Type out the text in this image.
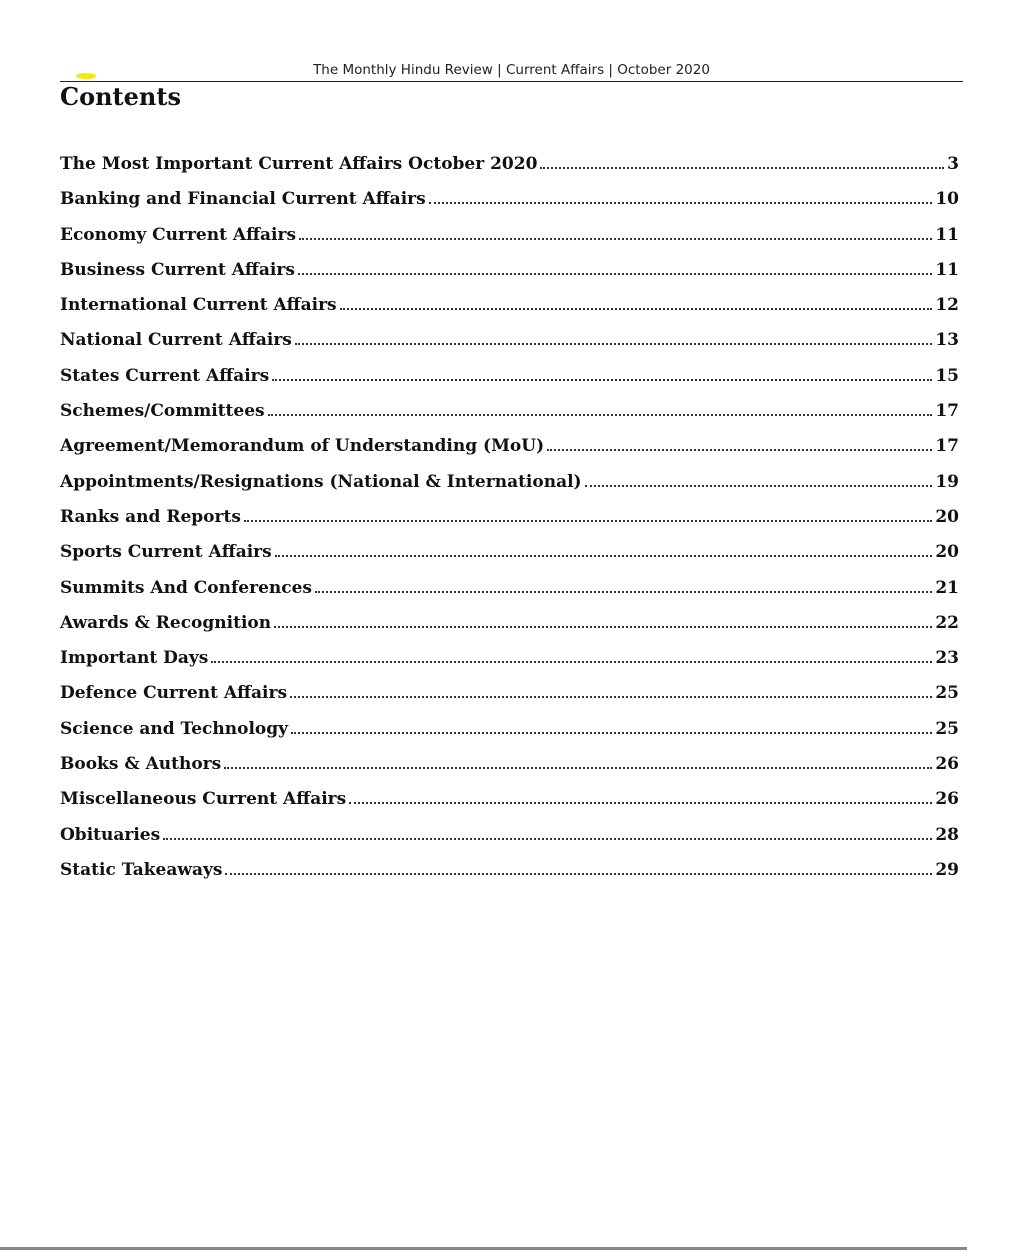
The Monthly Hindu Review | Current Affairs | October 2020
Contents
The Most Important Current Affairs October 2020	3
Banking and Financial Current Affairs	10
Economy Current Affairs	11
Business Current Affairs	11
International Current Affairs	12
National Current Affairs	13
States Current Affairs	15
Schemes/Committees	17
Agreement/Memorandum of Understanding (MoU)	17
Appointments/Resignations (National & International)	19
Ranks and Reports	20
Sports Current Affairs	20
Summits And Conferences	21
Awards & Recognition	22
Important Days	23
Defence Current Affairs	25
Science and Technology	25
Books & Authors	26
Miscellaneous Current Affairs	26
Obituaries	28
Static Takeaways	29
